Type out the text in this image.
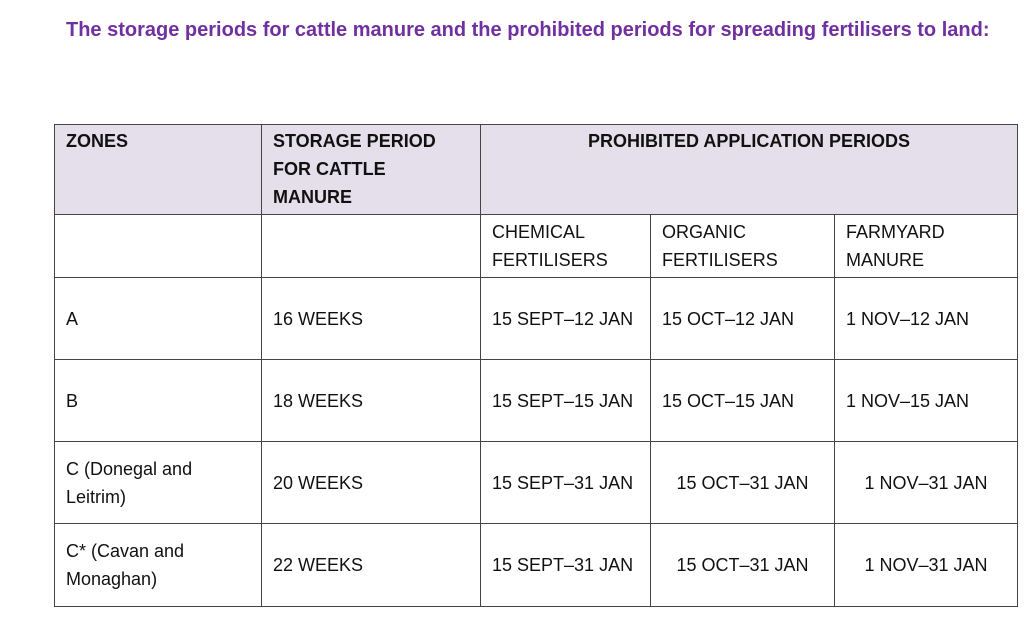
The storage periods for cattle manure and the prohibited periods for spreading fertilisers to land:
ZONES	STORAGE PERIOD FOR CATTLE MANURE	PROHIBITED APPLICATION PERIODS		
		CHEMICAL FERTILISERS	ORGANIC FERTILISERS	FARMYARD MANURE
A	16 WEEKS	15 SEPT–12 JAN	15 OCT–12 JAN	1 NOV–12 JAN
B	18 WEEKS	15 SEPT–15 JAN	15 OCT–15 JAN	1 NOV–15 JAN
C (Donegal and Leitrim)	20 WEEKS	15 SEPT–31 JAN	15 OCT–31 JAN	1 NOV–31 JAN
C* (Cavan and Monaghan)	22 WEEKS	15 SEPT–31 JAN	15 OCT–31 JAN	1 NOV–31 JAN
